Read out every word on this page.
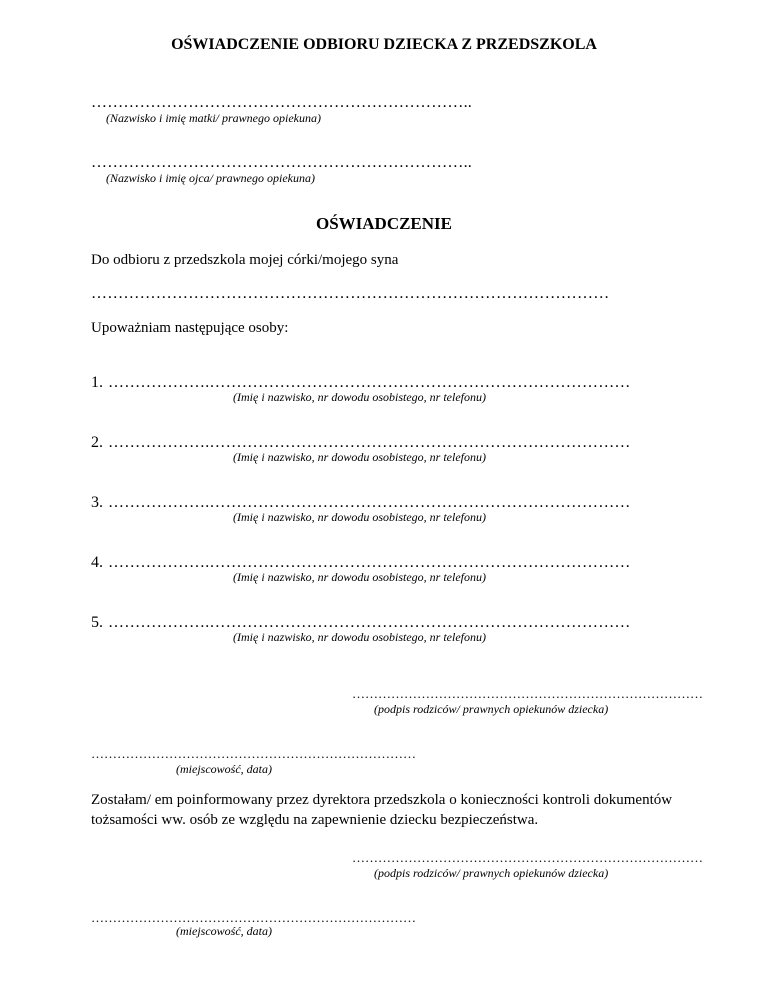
OŚWIADCZENIE ODBIORU DZIECKA Z PRZEDSZKOLA
……………………………………………………………..
(Nazwisko i imię matki/ prawnego opiekuna)
……………………………………………………………..
(Nazwisko i imię ojca/ prawnego opiekuna)
OŚWIADCZENIE
Do odbioru z przedszkola mojej córki/mojego syna
……………………………………………………………………………………
Upoważniam następujące osoby:
1. ……………….……………………………………………………………………
(Imię i nazwisko, nr dowodu osobistego, nr telefonu)
2. ……………….……………………………………………………………………
(Imię i nazwisko, nr dowodu osobistego, nr telefonu)
3. ……………….……………………………………………………………………
(Imię i nazwisko, nr dowodu osobistego, nr telefonu)
4. ……………….……………………………………………………………………
(Imię i nazwisko, nr dowodu osobistego, nr telefonu)
5. ……………….……………………………………………………………………
(Imię i nazwisko, nr dowodu osobistego, nr telefonu)
………………………………………………………………………
(podpis rodziców/ prawnych opiekunów dziecka)
…………………………………………………………………
(miejscowość, data)
Zostałam/ em poinformowany przez dyrektora przedszkola o konieczności kontroli dokumentów tożsamości ww. osób ze względu na zapewnienie dziecku bezpieczeństwa.
………………………………………………………………………
(podpis rodziców/ prawnych opiekunów dziecka)
…………………………………………………………………
(miejscowość, data)
